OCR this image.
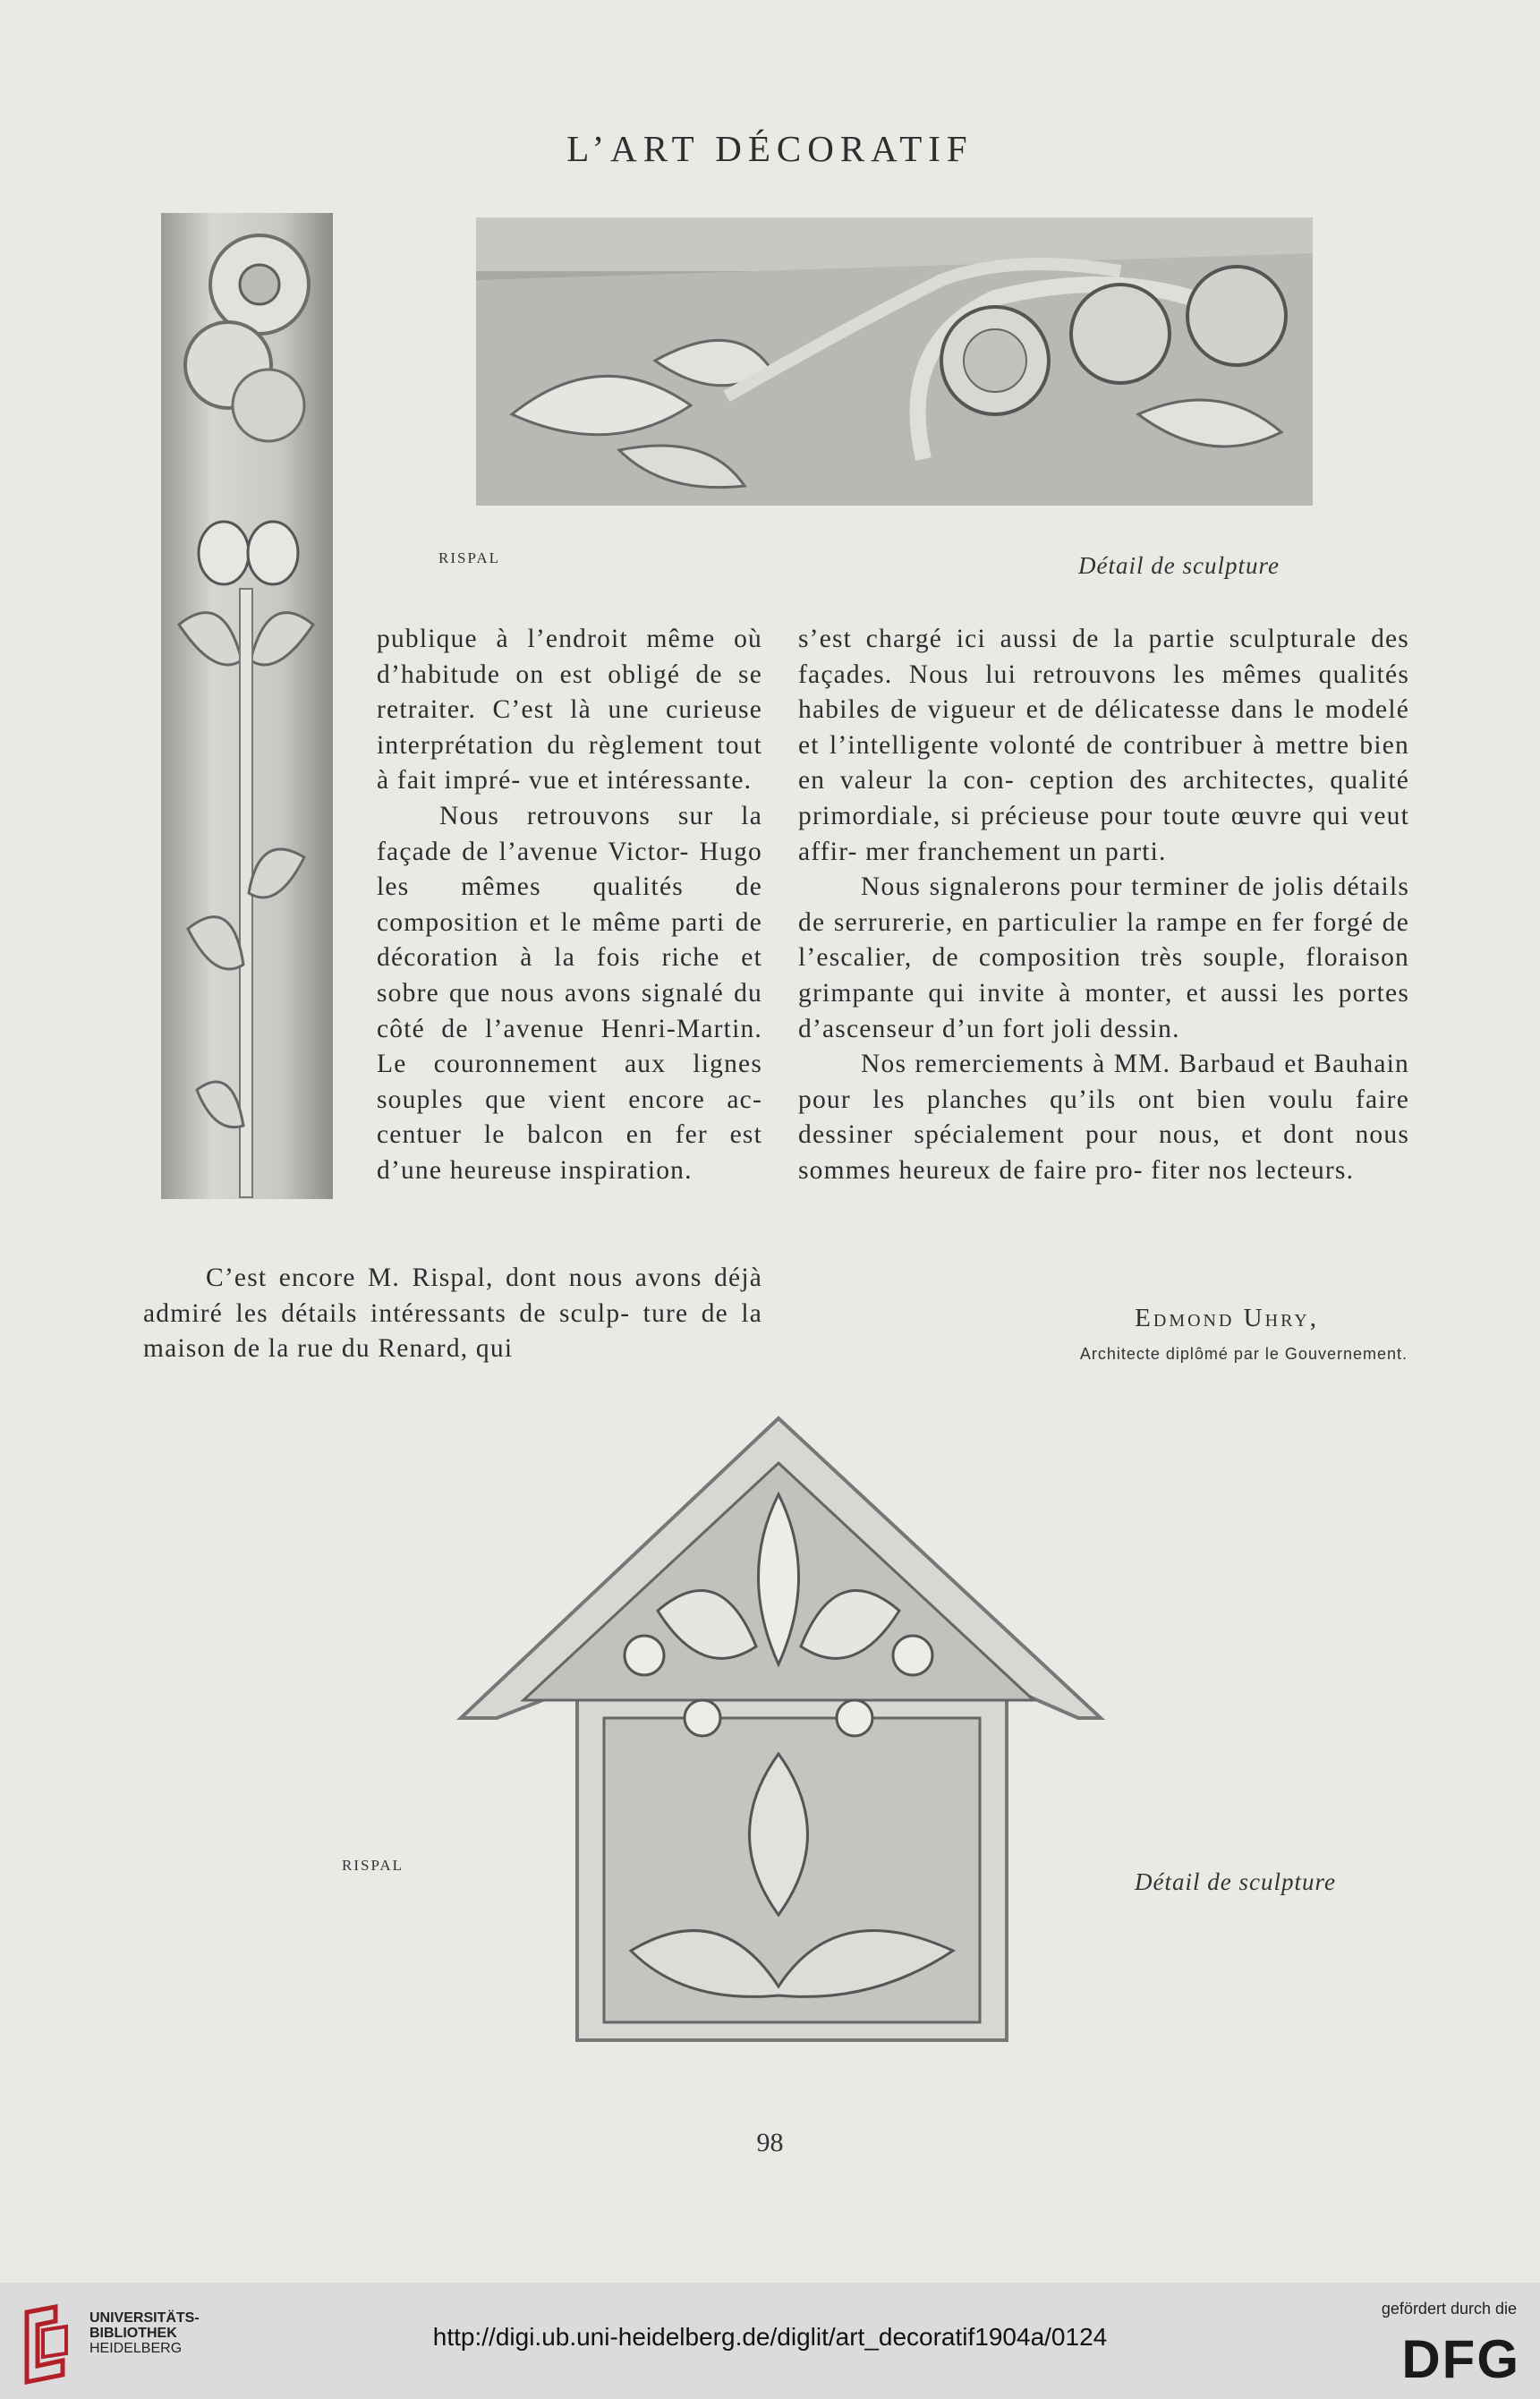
L’ART DÉCORATIF
RISPAL	Détail de sculpture

publique à l’endroit même où d’habitude on est obligé de se retraiter. C’est là une curieuse interprétation du règlement tout à fait impré- vue et intéressante.

Nous retrouvons sur la façade de l’avenue Victor- Hugo les mêmes qualités de composition et le même parti de décoration à la fois riche et sobre que nous avons signalé du côté de l’avenue Henri-Martin. Le couronnement aux lignes souples que vient encore ac- centuer le balcon en fer est d’une heureuse inspiration.

C’est encore M. Rispal, dont nous avons déjà admiré les détails intéressants de sculp- ture de la maison de la rue du Renard, qui

s’est chargé ici aussi de la partie sculpturale des façades. Nous lui retrouvons les mêmes qualités habiles de vigueur et de délicatesse dans le modelé et l’intelligente volonté de contribuer à mettre bien en valeur la con- ception des architectes, qualité primordiale, si précieuse pour toute œuvre qui veut affir- mer franchement un parti.

Nous signalerons pour terminer de jolis détails de serrurerie, en particulier la rampe en fer forgé de l’escalier, de composition très souple, floraison grimpante qui invite à monter, et aussi les portes d’ascenseur d’un fort joli dessin.

Nos remerciements à MM. Barbaud et Bauhain pour les planches qu’ils ont bien voulu faire dessiner spécialement pour nous, et dont nous sommes heureux de faire pro- fiter nos lecteurs.

Edmond Uhry,
Architecte diplômé par le Gouvernement.
RISPAL
Détail de sculpture
98
UNIVERSITÄTS-
BIBLIOTHEK
HEIDELBERG	http://digi.ub.uni-heidelberg.de/diglit/art_decoratif1904a/0124
gefördert durch die
DFG
